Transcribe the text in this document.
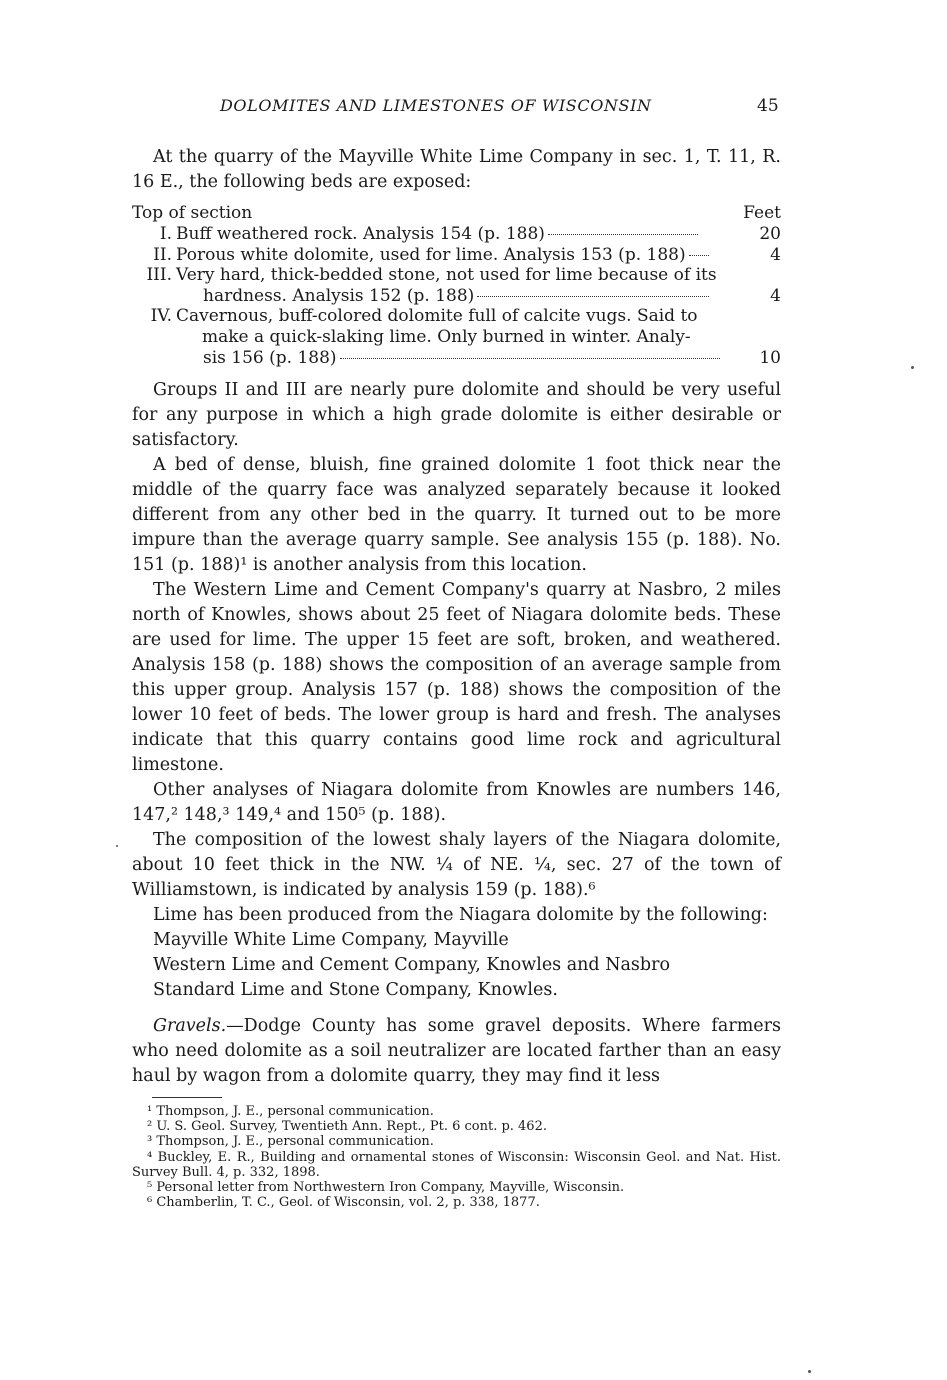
DOLOMITES AND LIMESTONES OF WISCONSIN	45

At the quarry of the Mayville White Lime Company in sec. 1, T. 11, R. 16 E., the following beds are exposed:

Top of section	Feet
I. Buff weathered rock. Analysis 154 (p. 188)	20
II. Porous white dolomite, used for lime. Analysis 153 (p. 188)	4
III. Very hard, thick-bedded stone, not used for lime because of its
hardness. Analysis 152 (p. 188)	4
IV. Cavernous, buff-colored dolomite full of calcite vugs. Said to
make a quick-slaking lime. Only burned in winter. Analy-
sis 156 (p. 188)	10

Groups II and III are nearly pure dolomite and should be very useful for any purpose in which a high grade dolomite is either desirable or satisfactory.

A bed of dense, bluish, fine grained dolomite 1 foot thick near the middle of the quarry face was analyzed separately because it looked different from any other bed in the quarry. It turned out to be more impure than the average quarry sample. See analysis 155 (p. 188). No. 151 (p. 188)¹ is another analysis from this location.

The Western Lime and Cement Company's quarry at Nasbro, 2 miles north of Knowles, shows about 25 feet of Niagara dolomite beds. These are used for lime. The upper 15 feet are soft, broken, and weathered. Analysis 158 (p. 188) shows the composition of an average sample from this upper group. Analysis 157 (p. 188) shows the composition of the lower 10 feet of beds. The lower group is hard and fresh. The analyses indicate that this quarry contains good lime rock and agricultural limestone.

Other analyses of Niagara dolomite from Knowles are numbers 146, 147,² 148,³ 149,⁴ and 150⁵ (p. 188).

The composition of the lowest shaly layers of the Niagara dolomite, about 10 feet thick in the NW. ¼ of NE. ¼, sec. 27 of the town of Williamstown, is indicated by analysis 159 (p. 188).⁶

Lime has been produced from the Niagara dolomite by the following:

Mayville White Lime Company, Mayville
Western Lime and Cement Company, Knowles and Nasbro
Standard Lime and Stone Company, Knowles.

Gravels.—Dodge County has some gravel deposits. Where farmers who need dolomite as a soil neutralizer are located farther than an easy haul by wagon from a dolomite quarry, they may find it less

¹ Thompson, J. E., personal communication.
² U. S. Geol. Survey, Twentieth Ann. Rept., Pt. 6 cont. p. 462.
³ Thompson, J. E., personal communication.
⁴ Buckley, E. R., Building and ornamental stones of Wisconsin: Wisconsin Geol. and Nat. Hist. Survey Bull. 4, p. 332, 1898.
⁵ Personal letter from Northwestern Iron Company, Mayville, Wisconsin.
⁶ Chamberlin, T. C., Geol. of Wisconsin, vol. 2, p. 338, 1877.
